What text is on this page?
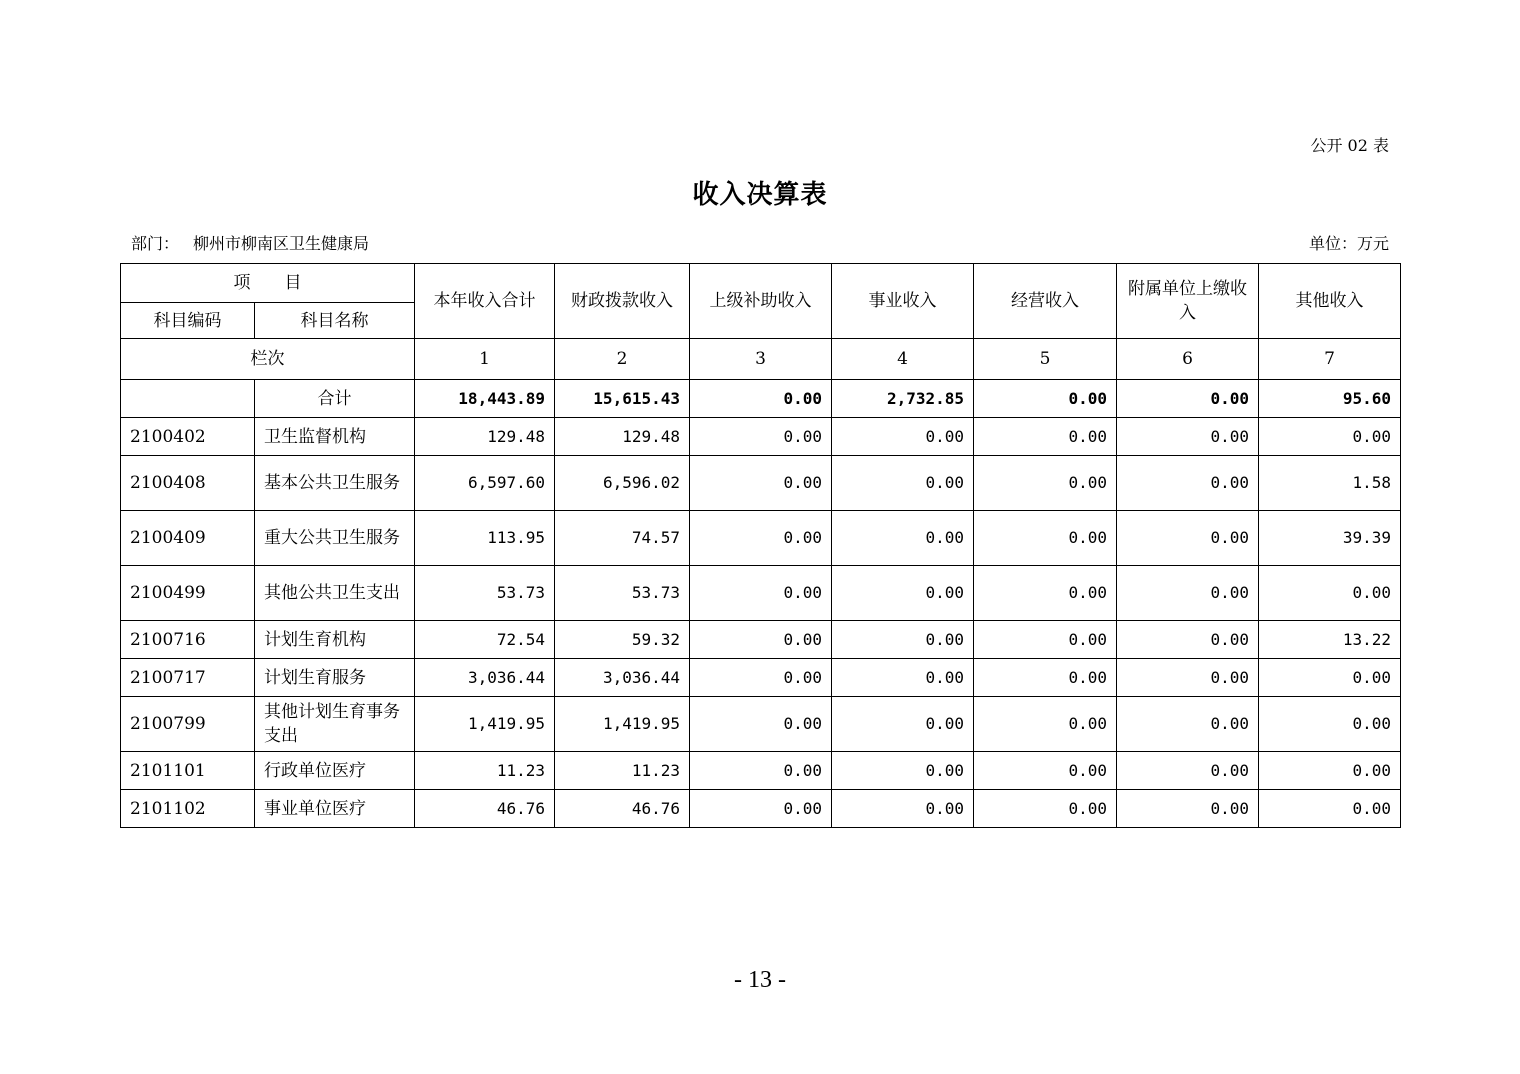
公开 02 表
收入决算表
部门： 柳州市柳南区卫生健康局	单位：万元
项　　目		本年收入合计	财政拨款收入	上级补助收入	事业收入	经营收入	附属单位上缴收入	其他收入
科目编码	科目名称							
栏次		1	2	3	4	5	6	7
	合计	18,443.89	15,615.43	0.00	2,732.85	0.00	0.00	95.60
2100402	卫生监督机构	129.48	129.48	0.00	0.00	0.00	0.00	0.00
2100408	基本公共卫生服务	6,597.60	6,596.02	0.00	0.00	0.00	0.00	1.58
2100409	重大公共卫生服务	113.95	74.57	0.00	0.00	0.00	0.00	39.39
2100499	其他公共卫生支出	53.73	53.73	0.00	0.00	0.00	0.00	0.00
2100716	计划生育机构	72.54	59.32	0.00	0.00	0.00	0.00	13.22
2100717	计划生育服务	3,036.44	3,036.44	0.00	0.00	0.00	0.00	0.00
2100799	其他计划生育事务支出	1,419.95	1,419.95	0.00	0.00	0.00	0.00	0.00
2101101	行政单位医疗	11.23	11.23	0.00	0.00	0.00	0.00	0.00
2101102	事业单位医疗	46.76	46.76	0.00	0.00	0.00	0.00	0.00
- 13 -
